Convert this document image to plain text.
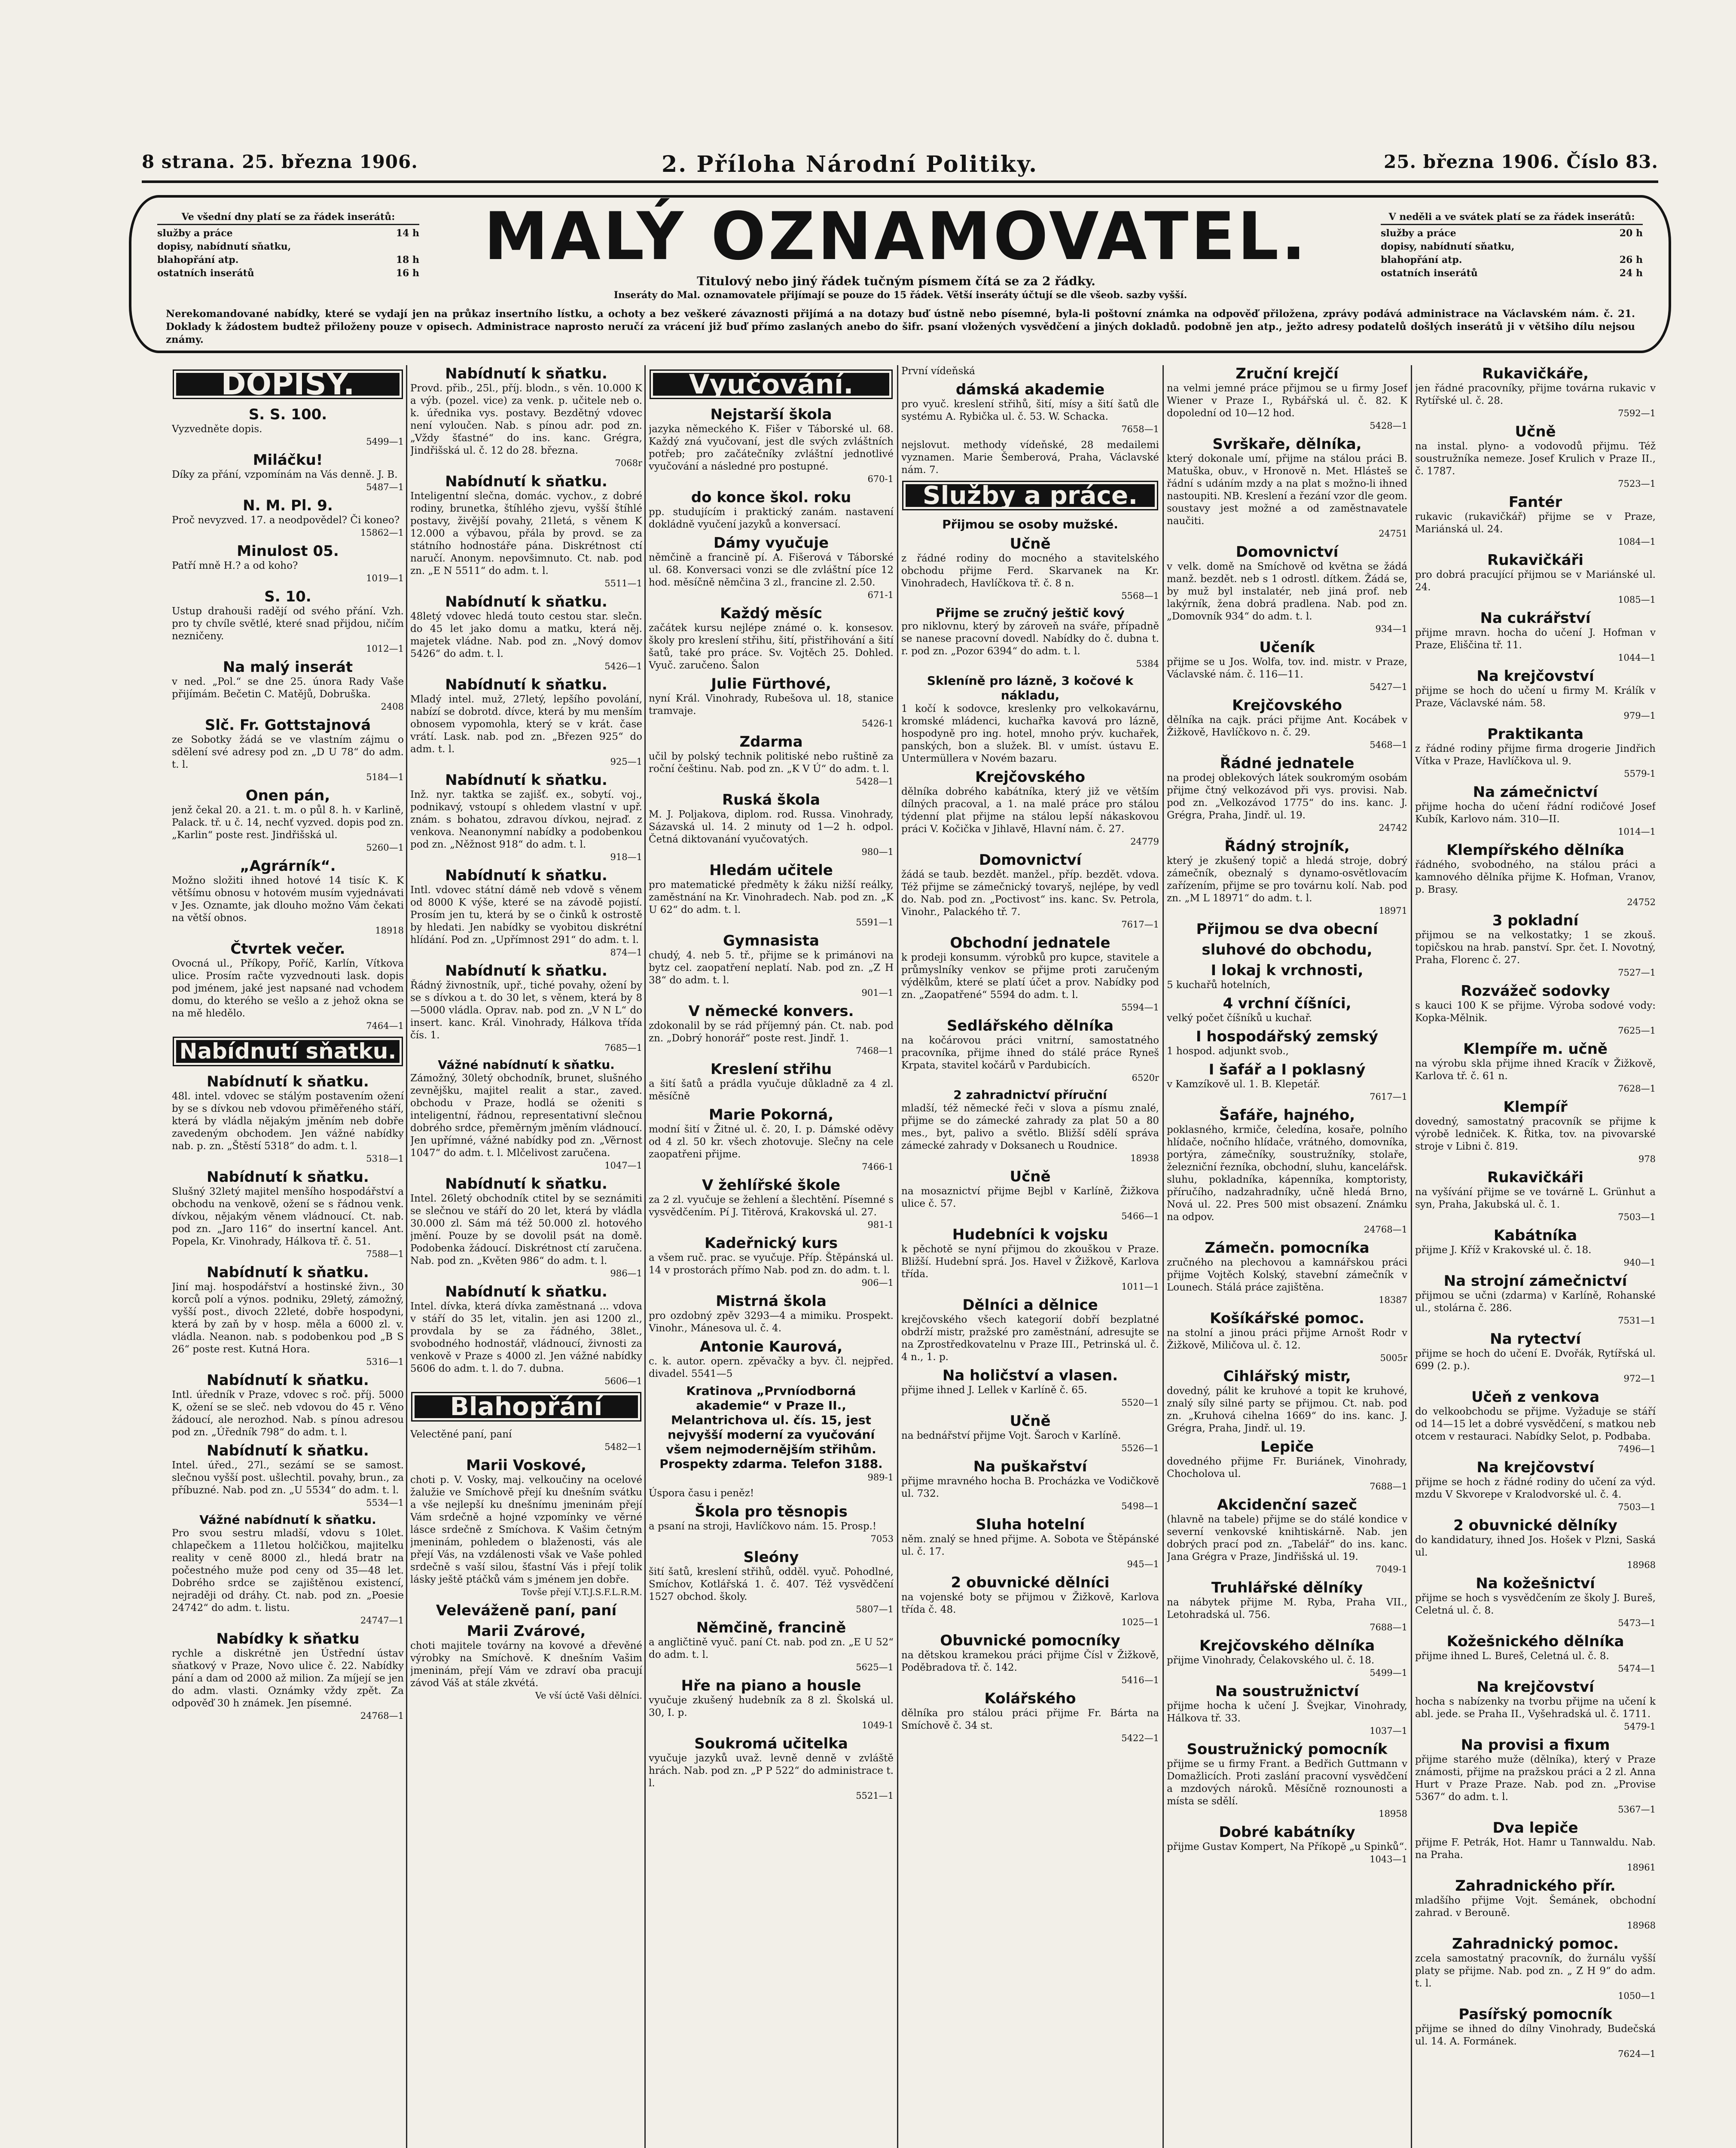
8 strana. 25. března 1906.	2. Příloha Národní Politiky.	25. března 1906. Číslo 83.
Ve všední dny platí se za řádek inserátů:
služby a práce	14 h
dopisy, nabídnutí sňatku,
blahopřání atp.	18 h
ostatních inserátů	16 h	MALÝ OZNAMOVATEL.
Titulový nebo jiný řádek tučným písmem čítá se za 2 řádky.
Inseráty do Mal. oznamovatele přijímají se pouze do 15 řádek. Větší inseráty účtují se dle všeob. sazby vyšší.
V neděli a ve svátek platí se za řádek inserátů:
služby a práce	20 h
dopisy, nabídnutí sňatku,
blahopřání atp.	26 h
ostatních inserátů	24 h
Nerekomandované nabídky, které se vydají jen na průkaz insertního lístku, a ochoty a bez veškeré závaznosti přijímá a na dotazy buď ústně nebo písemné, byla-li poštovní známka na odpověď přiložena, zprávy podává administrace na Václavském nám. č. 21. Doklady k žádostem budtež přiloženy pouze v opisech. Administrace naprosto neručí za vrácení již buď přímo zaslaných anebo do šifr. psaní vložených vysvědčení a jiných dokladů. podobně jen atp., ježto adresy podatelů došlých inserátů ji v většiho dílu nejsou známy.
DOPISY.
S. S. 100.
Vyzvedněte dopis.
5499—1
Miláčku!
Díky za přání, vzpomínám na Vás denně. J. B.
5487—1
N. M. Pl. 9.
Proč nevyzved. 17. a neodpovědel? Či koneo?
15862—1
Minulost 05.
Patří mně H.? a od koho?
1019—1
S. 10.
Ustup drahouši radějí od svého přání. Vzh. pro ty chvíle světlé, které snad přijdou, ničím nezničeny.
1012—1
Na malý inserát
v ned. „Pol.“ se dne 25. února Rady Vaše přijímám. Bečetin C. Matějů, Dobruška.
2408
Slč. Fr. Gottstajnová
ze Sobotky žádá se ve vlastním zájmu o sdělení své adresy pod zn. „D U 78“ do adm. t. l.
5184—1
Onen pán,
jenž čekal 20. a 21. t. m. o půl 8. h. v Karlině, Palack. tř. u č. 14, nechť vyzved. dopis pod zn. „Karlin“ poste rest. Jindřišská ul.
5260—1
„Agrárník“.
Možno složiti ihned hotové 14 tisíc K. K většímu obnosu v hotovém musím vyjednávati v Jes. Oznamte, jak dlouho možno Vám čekati na větší obnos.
18918
Čtvrtek večer.
Ovocná ul., Příkopy, Poříč, Karlín, Vítkova ulice. Prosím račte vyzvednouti lask. dopis pod jménem, jaké jest napsané nad vchodem domu, do kterého se vešlo a z jehož okna se na mě hledělo.
7464—1
Nabídnutí sňatku.
Nabídnutí k sňatku.
48l. intel. vdovec se stálým postavením ožení by se s dívkou neb vdovou přiměřeného stáří, která by vládla nějakým jměním neb dobře zavedeným obchodem. Jen vážné nabídky nab. p. zn. „Štěstí 5318“ do adm. t. l.
5318—1
Nabídnutí k sňatku.
Slušný 32letý majitel menšího hospodářství a obchodu na venkově, ožení se s řádnou venk. dívkou, nějakým věnem vládnoucí. Ct. nab. pod zn. „Jaro 116“ do insertní kancel. Ant. Popela, Kr. Vinohrady, Hálkova tř. č. 51.
7588—1
Nabídnutí k sňatku.
Jiní maj. hospodářství a hostinské živn., 30 korců polí a výnos. podniku, 29letý, zámožný, vyšší post., divoch 22leté, dobře hospodyni, která by zaň by v hosp. měla a 6000 zl. v. vládla. Neanon. nab. s podobenkou pod „B S 26“ poste rest. Kutná Hora.
5316—1
Nabídnutí k sňatku.
Intl. úředník v Praze, vdovec s roč. příj. 5000 K, ožení se se sleč. neb vdovou do 45 r. Věno žádoucí, ale nerozhod. Nab. s pínou adresou pod zn. „Úředník 798“ do adm. t. l.
Nabídnutí k sňatku.
Intel. úřed., 27l., sezámí se se samost. slečnou vyšší post. ušlechtil. povahy, brun., za příbuzné. Nab. pod zn. „U 5534“ do adm. t. l.
5534—1
Vážné nabídnutí k sňatku.
Pro svou sestru mladší, vdovu s 10let. chlapečkem a 11letou holčičkou, majitelku reality v ceně 8000 zl., hledá bratr na počestného muže pod ceny od 35—48 let. Dobrého srdce se zajištěnou existencí, nejraději od dráhy. Ct. nab. pod zn. „Poesie 24742“ do adm. t. listu.
24747—1
Nabídky k sňatku
rychle a diskrétně jen Ústřední ústav sňatkový v Praze, Novo ulice č. 22. Nabídky pání a dam od 2000 až milion. Za míjejí se jen do adm. vlasti. Oznámky vždy zpět. Za odpověď 30 h známek. Jen písemné.
24768—1
Nabídnutí k sňatku.
Provd. přib., 25l., příj. blodn., s věn. 10.000 K a výb. (pozel. vice) za venk. p. učitele neb o. k. úřednika vys. postavy. Bezdětný vdovec není vyloučen. Nab. s pínou adr. pod zn. „Vždy šťastné“ do ins. kanc. Grégra, Jindřišská ul. č. 12 do 28. března.
7068r
Nabídnutí k sňatku.
Inteligentní slečna, domác. vychov., z dobré rodiny, brunetka, štíhlého zjevu, vyšší štíhlé postavy, živější povahy, 21letá, s věnem K 12.000 a výbavou, přála by provd. se za státního hodnostáře pána. Diskrétnost ctí naručí. Anonym. nepovšimnuto. Ct. nab. pod zn. „E N 5511“ do adm. t. l.
5511—1
Nabídnutí k sňatku.
48letý vdovec hledá touto cestou star. slečn. do 45 let jako domu a matku, která něj. majetek vládne. Nab. pod zn. „Nový domov 5426“ do adm. t. l.
5426—1
Nabídnutí k sňatku.
Mladý intel. muž, 27letý, lepšího povolání, nabízí se dobrotd. dívce, která by mu menším obnosem vypomohla, který se v krát. čase vrátí. Lask. nab. pod zn. „Březen 925“ do adm. t. l.
925—1
Nabídnutí k sňatku.
Inž. nyr. taktka se zajišť. ex., sobytí. voj., podnikavý, vstoupí s ohledem vlastní v upř. znám. s bohatou, zdravou dívkou, nejraď. z venkova. Neanonymní nabídky a podobenkou pod zn. „Něžnost 918“ do adm. t. l.
918—1
Nabídnutí k sňatku.
Intl. vdovec státní dámě neb vdově s věnem od 8000 K výše, které se na závodě pojistí. Prosím jen tu, která by se o činků k ostrostě by hledati. Jen nabídky se vyobitou diskrétní hlídání. Pod zn. „Upřímnost 291“ do adm. t. l.
874—1
Nabídnutí k sňatku.
Řádný živnostník, upř., tiché povahy, ožení by se s dívkou a t. do 30 let, s věnem, která by 8—5000 vládla. Oprav. nab. pod zn. „V N L“ do insert. kanc. Král. Vinohrady, Hálkova třída čís. 1.
7685—1
Vážné nabídnutí k sňatku.
Zámožný, 30letý obchodník, brunet, slušného zevnějšku, majitel realit a star., zaved. obchodu v Praze, hodlá se oženiti s inteligentní, řádnou, representativní slečnou dobrého srdce, přeměrným jměním vládnoucí. Jen upřímné, vážné nabídky pod zn. „Věrnost 1047“ do adm. t. l. Mlčelivost zaručena.
1047—1
Nabídnutí k sňatku.
Intel. 26letý obchodník ctitel by se seznámiti se slečnou ve stáří do 20 let, která by vládla 30.000 zl. Sám má též 50.000 zl. hotového jmění. Pouze by se dovolil psát na domě. Podobenka žádoucí. Diskrétnost ctí zaručena. Nab. pod zn. „Květen 986“ do adm. t. l.
986—1
Nabídnutí k sňatku.
Intel. dívka, která dívka zaměstnaná ... vdova v stáří do 35 let, vitalin. jen asi 1200 zl., provdala by se za řádného, 38let., svobodného hodnostář, vládnoucí, živnosti za venkově v Praze s 4000 zl. Jen vážné nabídky 5606 do adm. t. l. do 7. dubna.
5606—1
Blahopřání
Velectěné paní, paní
5482—1
Marii Voskové,
choti p. V. Vosky, maj. velkoučiny na ocelové žalužie ve Smíchově přejí ku dnešním svátku a vše nejlepší ku dnešnímu jmeninám přejí Vám srdečně a hojné vzpomínky ve věrné lásce srdečně z Smíchova. K Vašim četným jmeninám, pohledem o blaženosti, vás ale přejí Vás, na vzdálenosti však ve Vaše pohled srdečně s vaší silou, šťastní Vás i přejí tolik lásky ještě ptáčků vám s jménem jen dobře.
Tovše přejí V.T.J.S.F.L.R.M.
Veleváženě paní, paní
Marii Zvárové,
choti majitele továrny na kovové a dřevěné výrobky na Smíchově. K dnešním Vašim jmeninám, přejí Vám ve zdraví oba pracují závod Váš at stále zkvétá.
Ve vší úctě Vaši dělníci.
Vyučování.
Nejstarší škola
jazyka německého K. Fišer v Táborské ul. 68. Každý zná vyučovaní, jest dle svých zvláštních potřeb; pro začátečníky zvláštní jednotlivé vyučování a následné pro postupné.
670-1
do konce škol. roku
pp. studujícím i praktický zanám. nastavení dokládně vyučení jazyků a konversací.
Dámy vyučuje
němčině a francině pí. A. Fišerová v Táborské ul. 68. Konversaci vonzi se dle zvláštní píce 12 hod. měsíčně němčina 3 zl., francine zl. 2.50.
671-1
Každý měsíc
začátek kursu nejlépe známé o. k. konsesov. školy pro kreslení střihu, šití, přistřihování a šití šatů, také pro práce. Sv. Vojtěch 25. Dohled. Vyuč. zaručeno. Šalon
Julie Fürthové,
nyní Král. Vinohrady, Rubešova ul. 18, stanice tramvaje.
5426-1
Zdarma
učil by polský technik politiské nebo ruštině za roční češtinu. Nab. pod zn. „K V Ú“ do adm. t. l.
5428—1
Ruská škola
M. J. Poljakova, diplom. rod. Russa. Vinohrady, Sázavská ul. 14. 2 minuty od 1—2 h. odpol. Četná diktovanání vyučovatých.
980—1
Hledám učitele
pro matematické předměty k žáku nižší reálky, zaměstnání na Kr. Vinohradech. Nab. pod zn. „K U 62“ do adm. t. l.
5591—1
Gymnasista
chudý, 4. neb 5. tř., přijme se k primánovi na bytz cel. zaopatření neplatí. Nab. pod zn. „Z H 38“ do adm. t. l.
901—1
V německé konvers.
zdokonalil by se rád příjemný pán. Ct. nab. pod zn. „Dobrý honorář“ poste rest. Jindř. 1.
7468—1
Kreslení střihu
a šití šatů a prádla vyučuje důkladně za 4 zl. měsíčně
Marie Pokorná,
modní šití v Žitné ul. č. 20, I. p. Dámské oděvy od 4 zl. 50 kr. všech zhotovuje. Slečny na cele zaopatřeni přijme.
7466-1
V žehlířské škole
za 2 zl. vyučuje se žehlení a šlechtění. Písemné s vysvědčením. Pí J. Titěrová, Krakovská ul. 27.
981-1
Kadeřnický kurs
a všem ruč. prac. se vyučuje. Příp. Štěpánská ul. 14 v prostorách přímo Nab. pod zn. do adm. t. l.
906—1
Mistrná škola
pro ozdobný zpěv 3293—4 a mimiku. Prospekt. Vinohr., Mánesova ul. č. 4.
Antonie Kaurová,
c. k. autor. opern. zpěvačky a byv. čl. nejpřed. divadel. 5541—5
Kratinova „Prvníodborná akademie“ v Praze II., Melantrichova ul. čís. 15, jest nejvyšší moderní za vyučování všem nejmodernějším střihům. Prospekty zdarma. Telefon 3188.
989-1
Úspora času i peněz!
Škola pro těsnopis
a psaní na stroji, Havlíčkovo nám. 15. Prosp.!
7053
Sleóny
šití šatů, kreslení střihů, odděl. vyuč. Pohodlné, Smíchov, Kotlářská 1. č. 407. Též vysvědčení 1527 obchod. školy.
5807—1
Němčině, francině
a angličtině vyuč. paní Ct. nab. pod zn. „E U 52“ do adm. t. l.
5625—1
Hře na piano a housle
vyučuje zkušený hudebník za 8 zl. Školská ul. 30, I. p.
1049-1
Soukromá učitelka
vyučuje jazyků uvaž. levně denně v zvláště hrách. Nab. pod zn. „P P 522“ do administrace t. l.
5521—1
První vídeňská
dámská akademie
pro vyuč. kreslení střihů, šití, mísy a šití šatů dle systému A. Rybička ul. č. 53. W. Schacka.
7658—1
nejslovut. methody vídeňské, 28 medailemi vyznamen. Marie Šemberová, Praha, Václavské nám. 7.
Služby a práce.
Přijmou se osoby mužské.
Učně
z řádné rodiny do mocného a stavitelského obchodu přijme Ferd. Skarvanek na Kr. Vinohradech, Havlíčkova tř. č. 8 n.
5568—1
Přijme se zručný ještič kový
pro niklovnu, který by zároveň na sváře, případně se nanese pracovní dovedl. Nabídky do č. dubna t. r. pod zn. „Pozor 6394“ do adm. t. l.
5384
Skleníně pro lázně, 3 kočové k nákladu,
1 kočí k sodovce, kreslenky pro velkokavárnu, kromské mládenci, kuchařka kavová pro lázně, hospodyně pro ing. hotel, mnoho prýv. kuchařek, panských, bon a služek. Bl. v umíst. ústavu E. Untermüllera v Novém bazaru.
Krejčovského
dělníka dobrého kabátníka, který již ve větším dílných pracoval, a 1. na malé práce pro stálou týdenní plat přijme na stálou lepší nákaskovou práci V. Kočička v Jihlavě, Hlavní nám. č. 27.
24779
Domovnictví
žádá se taub. bezdět. manžel., příp. bezdět. vdova. Též přijme se zámečnický tovaryš, nejlépe, by vedl do. Nab. pod zn. „Poctivost“ ins. kanc. Sv. Petrola, Vinohr., Palackého tř. 7.
7617—1
Obchodní jednatele
k prodeji konsumm. výrobků pro kupce, stavitele a průmyslníky venkov se přijme proti zaručeným výdělkům, které se platí účet a prov. Nabídky pod zn. „Zaopatřené“ 5594 do adm. t. l.
5594—1
Sedlářského dělníka
na kočárovou práci vnitrní, samostatného pracovníka, přijme ihned do stálé práce Ryneš Krpata, stavitel kočárů v Pardubicích.
6520r
2 zahradnictví příruční
mladší, též německé řeči v slova a písmu znalé, přijme se do zámecké zahrady za plat 50 a 80 mes., byt, palivo a světlo. Bližší sdělí správa zámecké zahrady v Doksanech u Roudnice.
18938
Učně
na mosaznictví přijme Bejbl v Karlíně, Žižkova ulice č. 57.
5466—1
Hudebníci k vojsku
k pěchotě se nyní přijmou do zkouškou v Praze. Bližší. Hudební sprá. Jos. Havel v Žižkově, Karlova třída.
1011—1
Dělníci a dělnice
krejčovského všech kategorií dobří bezplatné obdrží mistr, pražské pro zaměstnání, adresujte se na Zprostředkovatelnu v Praze III., Petrinská ul. č. 4 n., 1. p.
Na holičství a vlasen.
přijme ihned J. Lellek v Karlíně č. 65.
5520—1
Učně
na bednářství přijme Vojt. Šaroch v Karlíně.
5526—1
Na puškařství
přijme mravného hocha B. Procházka ve Vodičkově ul. 732.
5498—1
Sluha hotelní
něm. znalý se hned přijme. A. Sobota ve Štěpánské ul. č. 17.
945—1
2 obuvnické dělníci
na vojenské boty se přijmou v Žižkově, Karlova třída č. 48.
1025—1
Obuvnické pomocníky
na dětskou kramekou práci přijme Čísl v Žižkově, Poděbradova tř. č. 142.
5416—1
Kolářského
dělníka pro stálou práci přijme Fr. Bárta na Smíchově č. 34 st.
5422—1
Zruční krejčí
na velmi jemné práce přijmou se u firmy Josef Wiener v Praze I., Rybářská ul. č. 82. K dopolední od 10—12 hod.
5428—1
Svrškaře, dělníka,
který dokonale umí, přijme na stálou práci B. Matuška, obuv., v Hronově n. Met. Hlásteš se řádní s udáním mzdy a na plat s možno-li ihned nastoupiti. NB. Kreslení a řezání vzor dle geom. soustavy jest možné a od zaměstnavatele naučiti.
24751
Domovnictví
v velk. domě na Smíchově od května se žádá manž. bezdět. neb s 1 odrostl. dítkem. Žádá se, by muž byl instalatér, neb jiná prof. neb lakýrník, žena dobrá pradlena. Nab. pod zn. „Domovník 934“ do adm. t. l.
934—1
Učeník
přijme se u Jos. Wolfa, tov. ind. mistr. v Praze, Václavské nám. č. 116—11.
5427—1
Krejčovského
dělníka na cajk. práci přijme Ant. Kocábek v Žižkově, Havlíčkovo n. č. 29.
5468—1
Řádné jednatele
na prodej oblekových látek soukromým osobám přijme čtný velkozávod při vys. provisi. Nab. pod zn. „Velkozávod 1775“ do ins. kanc. J. Grégra, Praha, Jindř. ul. 19.
24742
Řádný strojník,
který je zkušený topič a hledá stroje, dobrý zámečník, obeznalý s dynamo-osvětlovacím zařízením, přijme se pro továrnu kolí. Nab. pod zn. „M L 18971“ do adm. t. l.
18971
Přijmou se dva obecní
sluhové do obchodu,
I lokaj k vrchnosti,
5 kuchařů hotelních,
4 vrchní číšníci,
velký počet číšníků u kuchař.
I hospodářský zemský
1 hospod. adjunkt svob.,
I šafář a I poklasný
v Kamzíkově ul. 1. B. Klepetář.
7617—1
Šafáře, hajného,
poklasného, krmiče, čeledína, kosaře, polního hlídače, nočního hlídače, vrátného, domovníka, portýra, zámečníky, soustružníky, stolaře, železniční řezníka, obchodní, sluhu, kancelářsk. sluhu, pokladníka, kápenníka, komptoristy, příručího, nadzahradníky, učně hledá Brno, Nová ul. 22. Pres 500 mist obsazení. Známku na odpov.
24768—1
Zámečn. pomocníka
zručného na plechovou a kamnářskou práci přijme Vojtěch Kolský, stavební zámečník v Lounech. Stálá práce zajištěna.
18387
Košíkářské pomoc.
na stolní a jinou práci přijme Arnošt Rodr v Žižkově, Miličova ul. č. 12.
5005r
Cihlářský mistr,
dovedný, pálit ke kruhové a topit ke kruhové, znalý síly silné party se přijmou. Ct. nab. pod zn. „Kruhová cihelna 1669“ do ins. kanc. J. Grégra, Praha, Jindř. ul. 19.
Lepiče
dovedného přijme Fr. Buriánek, Vinohrady, Chocholova ul.
7688—1
Akcidenční sazeč
(hlavně na tabele) přijme se do stálé kondice v severní venkovské knihtiskárně. Nab. jen dobrých prací pod zn. „Tabelář“ do ins. kanc. Jana Grégra v Praze, Jindřišská ul. 19.
7049-1
Truhlářské dělníky
na nábytek přijme M. Ryba, Praha VII., Letohradská ul. 756.
7688—1
Krejčovského dělníka
přijme Vinohrady, Čelakovského ul. č. 18.
5499—1
Na soustružnictví
přijme hocha k učení J. Švejkar, Vinohrady, Hálkova tř. 33.
1037—1
Soustružnický pomocník
přijme se u firmy Frant. a Bedřich Guttmann v Domažlicích. Proti zaslání pracovní vysvědčení a mzdových nároků. Měsíčně roznounosti a místa se sdělí.
18958
Dobré kabátníky
přijme Gustav Kompert, Na Příkopě „u Spinků“.
1043—1
Rukavičkáře,
jen řádné pracovníky, přijme továrna rukavic v Rytířské ul. č. 28.
7592—1
Učně
na instal. plyno- a vodovodů přijmu. Též soustružníka nemeze. Josef Krulich v Praze II., č. 1787.
7523—1
Fantér
rukavic (rukavičkář) přijme se v Praze, Mariánská ul. 24.
1084—1
Rukavičkáři
pro dobrá pracující přijmou se v Mariánské ul. 24.
1085—1
Na cukrářství
přijme mravn. hocha do učení J. Hofman v Praze, Eliščina tř. 11.
1044—1
Na krejčovství
přijme se hoch do učení u firmy M. Králík v Praze, Václavské nám. 58.
979—1
Praktikanta
z řádné rodiny přijme firma drogerie Jindřich Vítka v Praze, Havlíčkova ul. 9.
5579-1
Na zámečnictví
přijme hocha do učení řádní rodičové Josef Kubík, Karlovo nám. 310—II.
1014—1
Klempířského dělníka
řádného, svobodného, na stálou práci a kamnového dělníka přijme K. Hofman, Vranov, p. Brasy.
24752
3 pokladní
přijmou se na velkostatky; 1 se zkouš. topičskou na hrab. panství. Spr. čet. I. Novotný, Praha, Florenc č. 27.
7527—1
Rozvážeč sodovky
s kauci 100 K se přijme. Výroba sodové vody: Kopka-Mělnik.
7625—1
Klempíře m. učně
na výrobu skla přijme ihned Kracík v Žižkově, Karlova tř. č. 61 n.
7628—1
Klempíř
dovedný, samostatný pracovník se přijme k výrobě ledniček. K. Řitka, tov. na pivovarské stroje v Libni č. 819.
978
Rukavičkáři
na vyšívání přijme se ve továrně L. Grünhut a syn, Praha, Jakubská ul. č. 1.
7503—1
Kabátníka
přijme J. Kříž v Krakovské ul. č. 18.
940—1
Na strojní zámečnictví
přijmou se učni (zdarma) v Karlíně, Rohanské ul., stolárna č. 286.
7531—1
Na rytectví
přijme se hoch do učení E. Dvořák, Rytířská ul. 699 (2. p.).
972—1
Učeň z venkova
do velkoobchodu se přijme. Vyžaduje se stáří od 14—15 let a dobré vysvědčení, s matkou neb otcem v restauraci. Nabídky Selot, p. Podbaba.
7496—1
Na krejčovství
přijme se hoch z řádné rodiny do učení za výd. mzdu V Skvorepe v Kralodvorské ul. č. 4.
7503—1
2 obuvnické dělníky
do kandidatury, ihned Jos. Hošek v Plzni, Saská ul.
18968
Na kožešnictví
přijme se hoch s vysvědčením ze školy J. Bureš, Celetná ul. č. 8.
5473—1
Kožešnického dělníka
přijme ihned L. Bureš, Celetná ul. č. 8.
5474—1
Na krejčovství
hocha s nabízenky na tvorbu přijme na učení k abl. jede. se Praha II., Vyšehradská ul. č. 1711.
5479-1
Na provisi a fixum
přijme starého muže (dělníka), který v Praze známosti, přijme na pražskou práci a 2 zl. Anna Hurt v Praze Praze. Nab. pod zn. „Provise 5367“ do adm. t. l.
5367—1
Dva lepiče
přijme F. Petrák, Hot. Hamr u Tannwaldu. Nab. na Praha.
18961
Zahradnického přír.
mladšího přijme Vojt. Šemánek, obchodní zahrad. v Berouně.
18968
Zahradnický pomoc.
zcela samostatný pracovník, do žurnálu vyšší platy se přijme. Nab. pod zn. „ Z H 9“ do adm. t. l.
1050—1
Pasířský pomocník
přijme se ihned do dílny Vinohrady, Budečská ul. 14. A. Formánek.
7624—1
